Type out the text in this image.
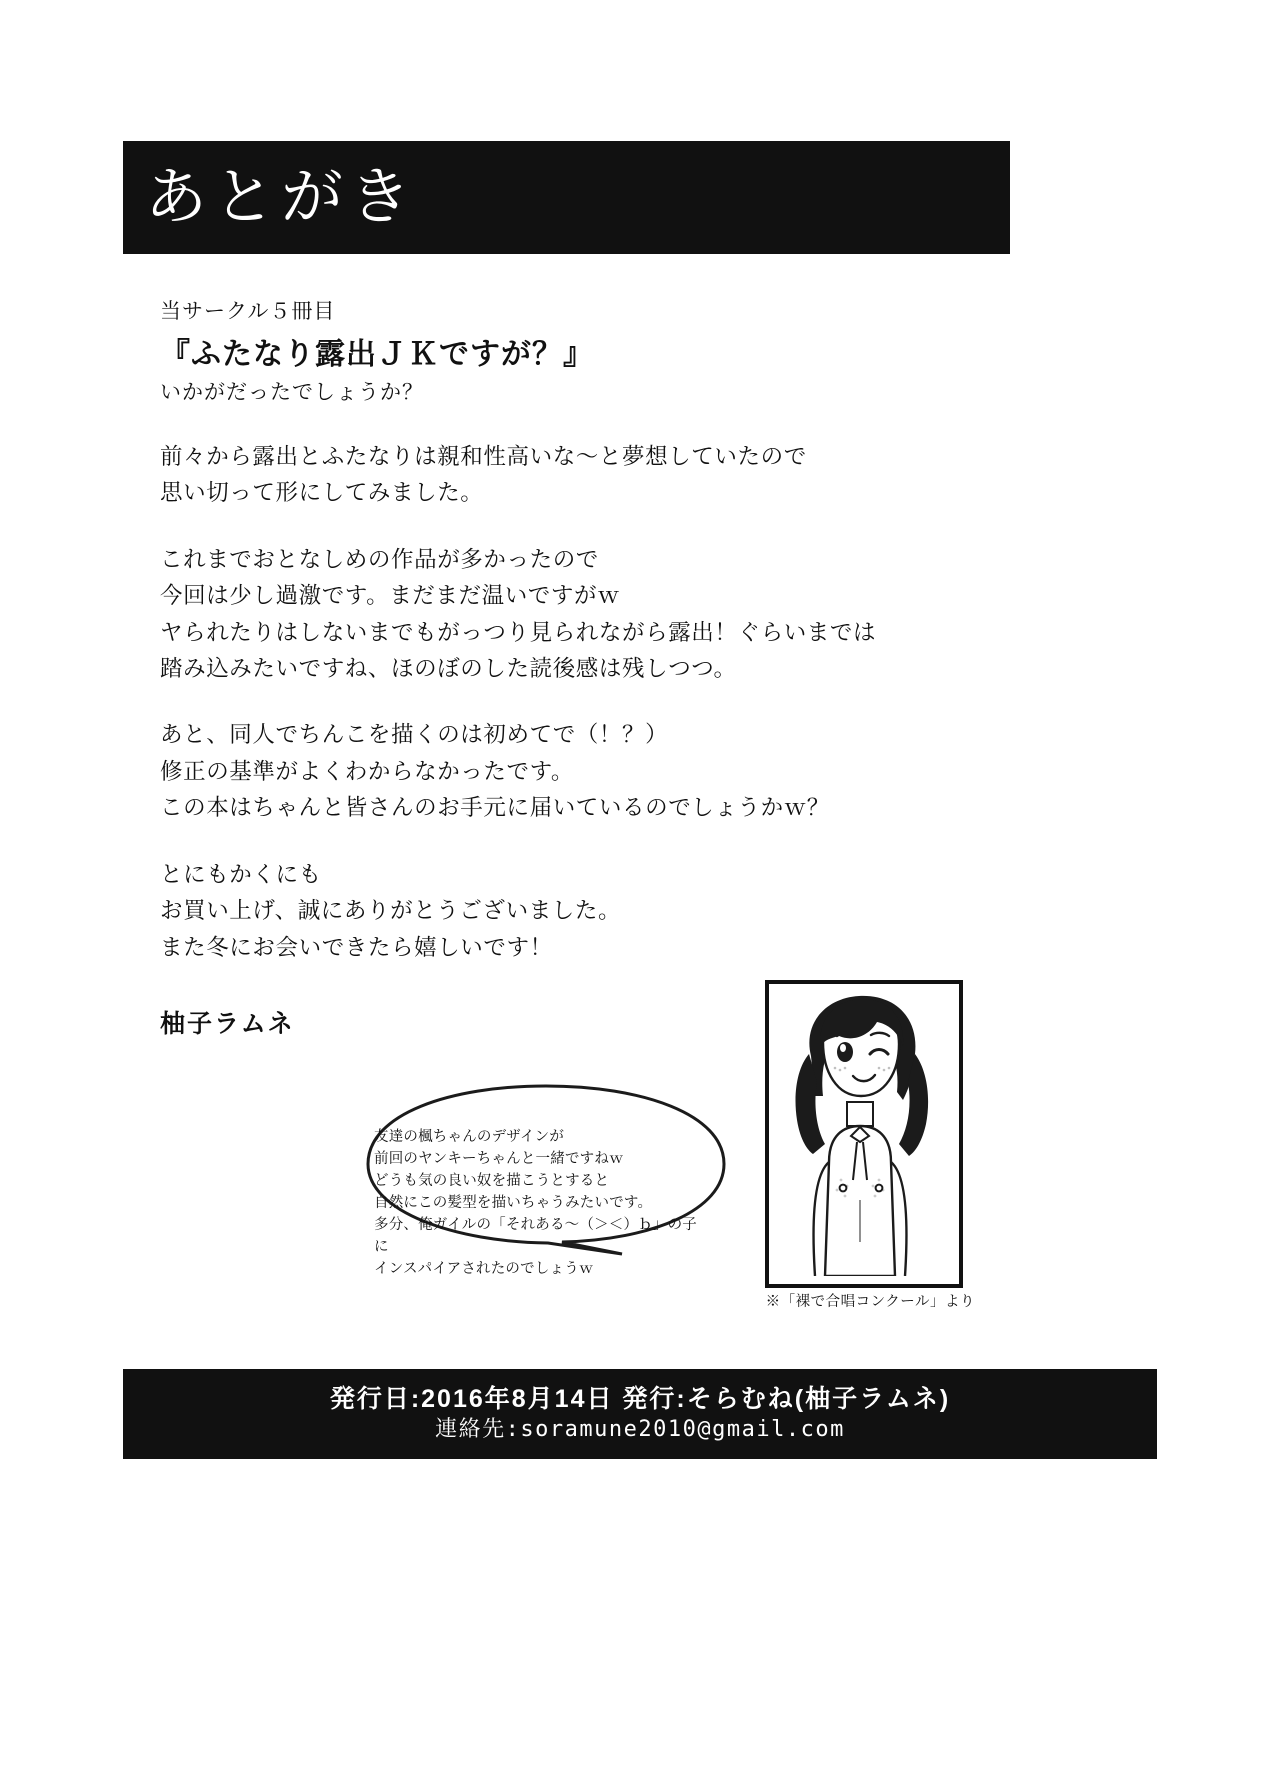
あとがき
当サークル５冊目
『ふたなり露出ＪＫですが？』
いかがだったでしょうか？
前々から露出とふたなりは親和性高いな～と夢想していたので
思い切って形にしてみました。
これまでおとなしめの作品が多かったので
今回は少し過激です。まだまだ温いですがｗ
ヤられたりはしないまでもがっつり見られながら露出！ぐらいまでは
踏み込みたいですね、ほのぼのした読後感は残しつつ。
あと、同人でちんこを描くのは初めてで（！？）
修正の基準がよくわからなかったです。
この本はちゃんと皆さんのお手元に届いているのでしょうかｗ？
とにもかくにも
お買い上げ、誠にありがとうございました。
また冬にお会いできたら嬉しいです！
柚子ラムネ
※「裸で合唱コンクール」より
友達の楓ちゃんのデザインが
前回のヤンキーちゃんと一緒ですねｗ
どうも気の良い奴を描こうとすると
自然にこの髪型を描いちゃうみたいです。
多分、俺ガイルの「それある～（＞＜）ｂ」の子に
インスパイアされたのでしょうｗ
発行日:2016年8月14日 発行:そらむね(柚子ラムネ)
連絡先:soramune2010@gmail.com
